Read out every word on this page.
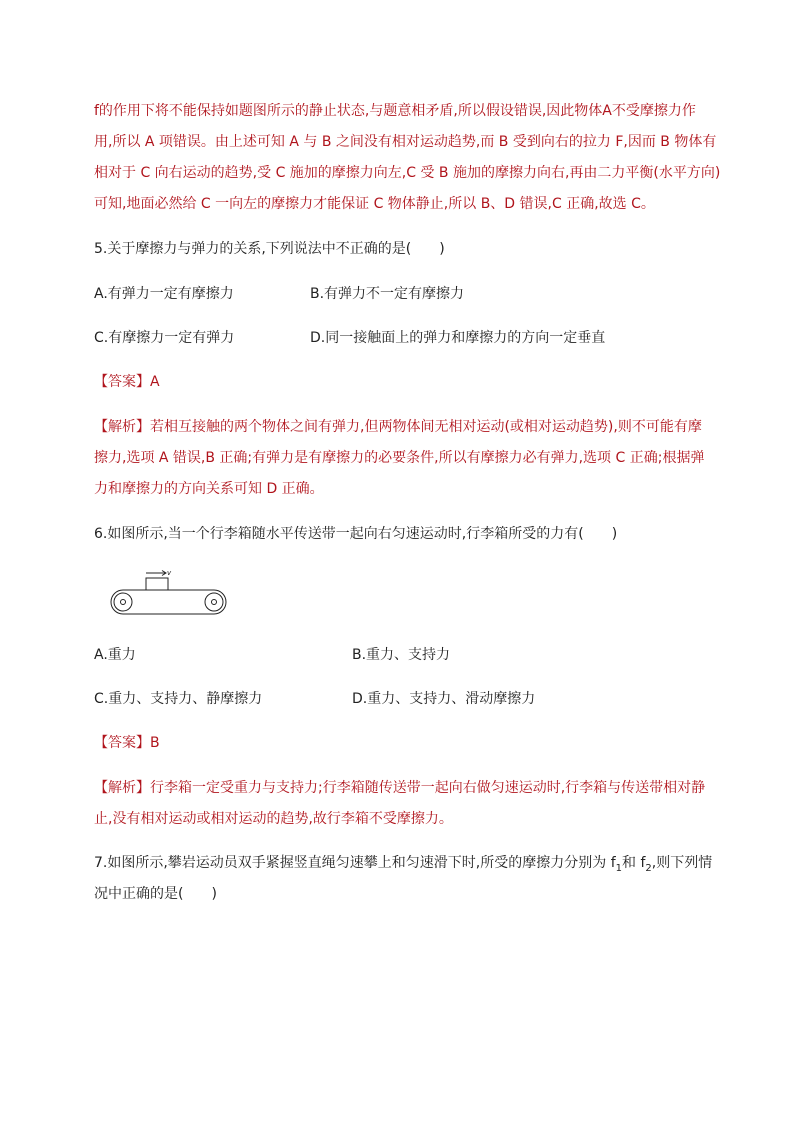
f的作用下将不能保持如题图所示的静止状态,与题意相矛盾,所以假设错误,因此物体A不受摩擦力作
用,所以 A 项错误。由上述可知 A 与 B 之间没有相对运动趋势,而 B 受到向右的拉力 F,因而 B 物体有
相对于 C 向右运动的趋势,受 C 施加的摩擦力向左,C 受 B 施加的摩擦力向右,再由二力平衡(水平方向)
可知,地面必然给 C 一向左的摩擦力才能保证 C 物体静止,所以 B、D 错误,C 正确,故选 C。
5.关于摩擦力与弹力的关系,下列说法中不正确的是(　　)
A.有弹力一定有摩擦力	B.有弹力不一定有摩擦力
C.有摩擦力一定有弹力	D.同一接触面上的弹力和摩擦力的方向一定垂直
【答案】A
【解析】若相互接触的两个物体之间有弹力,但两物体间无相对运动(或相对运动趋势),则不可能有摩
擦力,选项 A 错误,B 正确;有弹力是有摩擦力的必要条件,所以有摩擦力必有弹力,选项 C 正确;根据弹
力和摩擦力的方向关系可知 D 正确。
6.如图所示,当一个行李箱随水平传送带一起向右匀速运动时,行李箱所受的力有(　　)
v
A.重力	B.重力、支持力
C.重力、支持力、静摩擦力	D.重力、支持力、滑动摩擦力
【答案】B
【解析】行李箱一定受重力与支持力;行李箱随传送带一起向右做匀速运动时,行李箱与传送带相对静
止,没有相对运动或相对运动的趋势,故行李箱不受摩擦力。
7.如图所示,攀岩运动员双手紧握竖直绳匀速攀上和匀速滑下时,所受的摩擦力分别为 $f_1$和 $f_2$,则下列情
况中正确的是(　　)
